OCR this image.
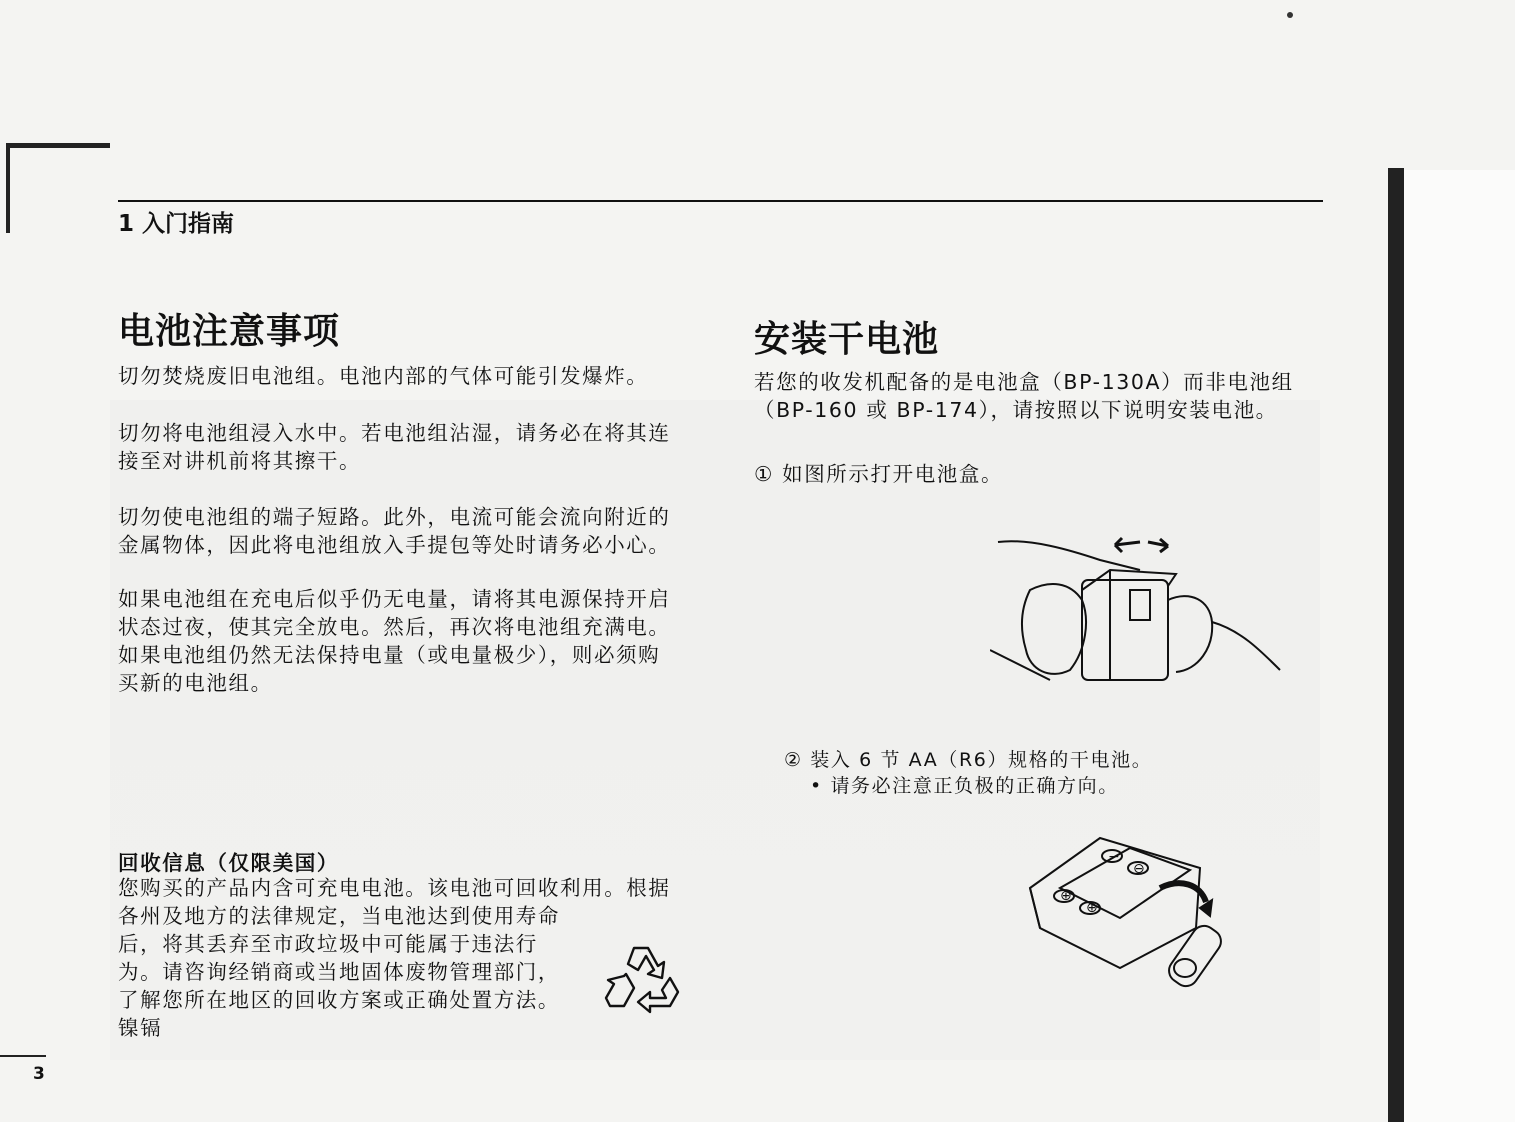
1 入门指南
电池注意事项
切勿焚烧废旧电池组。电池内部的气体可能引发爆炸。
切勿将电池组浸入水中。若电池组沾湿，请务必在将其连
接至对讲机前将其擦干。
切勿使电池组的端子短路。此外，电流可能会流向附近的
金属物体，因此将电池组放入手提包等处时请务必小心。
如果电池组在充电后似乎仍无电量，请将其电源保持开启
状态过夜，使其完全放电。然后，再次将电池组充满电。
如果电池组仍然无法保持电量（或电量极少），则必须购
买新的电池组。
回收信息（仅限美国）
您购买的产品内含可充电电池。该电池可回收利用。根据
各州及地方的法律规定，当电池达到使用寿命
后，将其丢弃至市政垃圾中可能属于违法行
为。请咨询经销商或当地固体废物管理部门，
了解您所在地区的回收方案或正确处置方法。
镍镉
安装干电池
若您的收发机配备的是电池盒（BP-130A）而非电池组
（BP-160 或 BP-174），请按照以下说明安装电池。
① 如图所示打开电池盒。
② 装入 6 节 AA（R6）规格的干电池。
• 请务必注意正负极的正确方向。
−
⊖
⊕
⊕
3
